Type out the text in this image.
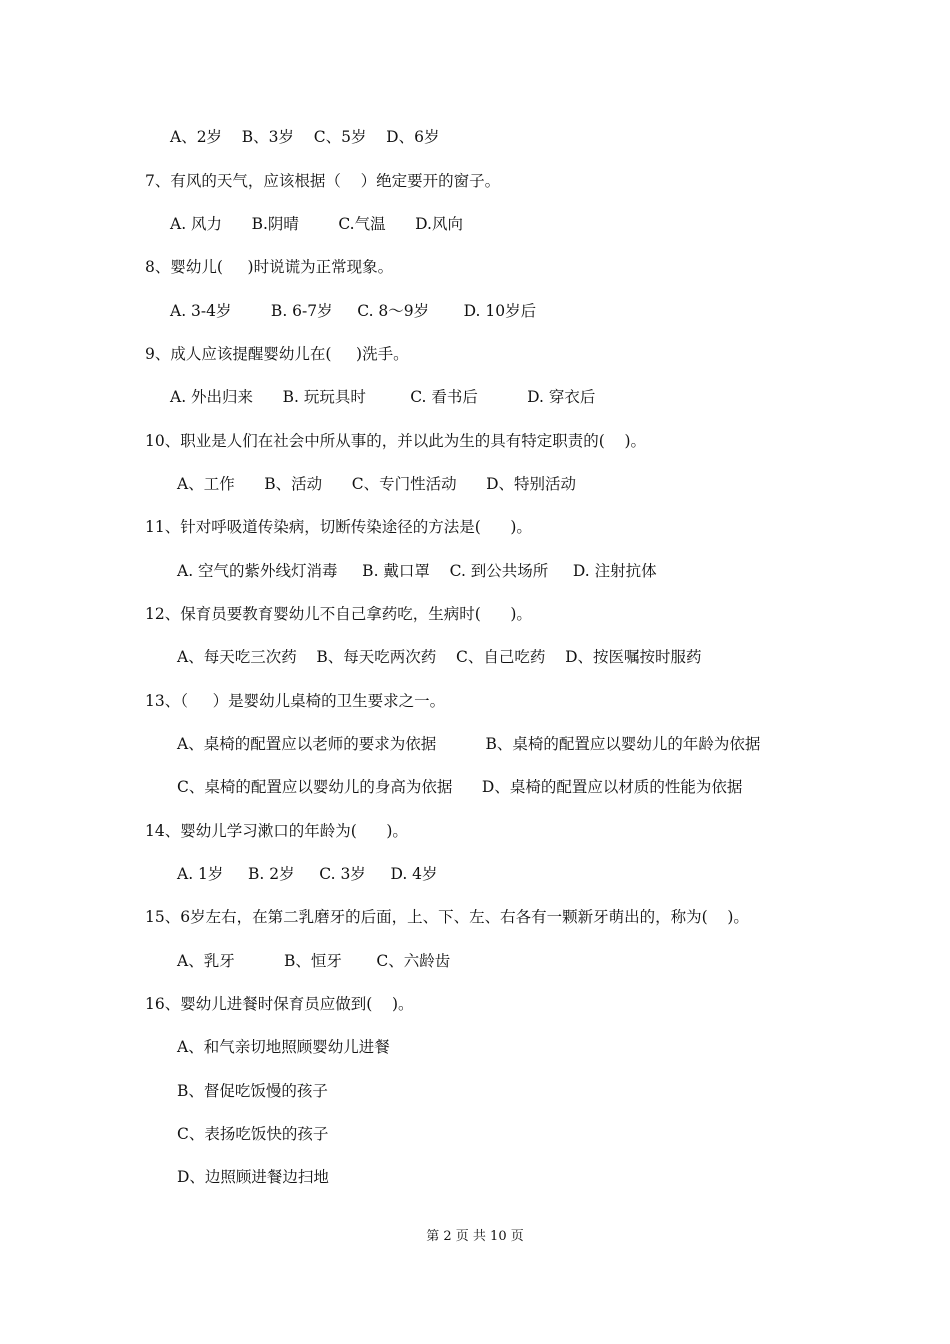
A、2岁    B、3岁    C、5岁    D、6岁
7、有风的天气，应该根据（    ）绝定要开的窗子。
A. 风力      B.阴晴        C.气温      D.风向
8、婴幼儿(     )时说谎为正常现象。
A. 3-4岁        B. 6-7岁     C. 8～9岁       D. 10岁后
9、成人应该提醒婴幼儿在(     )洗手。
A. 外出归来      B. 玩玩具时         C. 看书后          D. 穿衣后
10、职业是人们在社会中所从事的，并以此为生的具有特定职责的(    )。
A、工作      B、活动      C、专门性活动      D、特别活动
11、针对呼吸道传染病，切断传染途径的方法是(      )。
A. 空气的紫外线灯消毒     B. 戴口罩    C. 到公共场所     D. 注射抗体
12、保育员要教育婴幼儿不自己拿药吃，生病时(      )。
A、每天吃三次药    B、每天吃两次药    C、自己吃药    D、按医嘱按时服药
13、（     ）是婴幼儿桌椅的卫生要求之一。
A、桌椅的配置应以老师的要求为依据          B、桌椅的配置应以婴幼儿的年龄为依据
C、桌椅的配置应以婴幼儿的身高为依据      D、桌椅的配置应以材质的性能为依据
14、婴幼儿学习漱口的年龄为(      )。
A. 1岁     B. 2岁     C. 3岁     D. 4岁
15、6岁左右，在第二乳磨牙的后面，上、下、左、右各有一颗新牙萌出的，称为(    )。
A、乳牙          B、恒牙       C、六龄齿
16、婴幼儿进餐时保育员应做到(    )。
A、和气亲切地照顾婴幼儿进餐
B、督促吃饭慢的孩子
C、表扬吃饭快的孩子
D、边照顾进餐边扫地
第 2 页 共 10 页
